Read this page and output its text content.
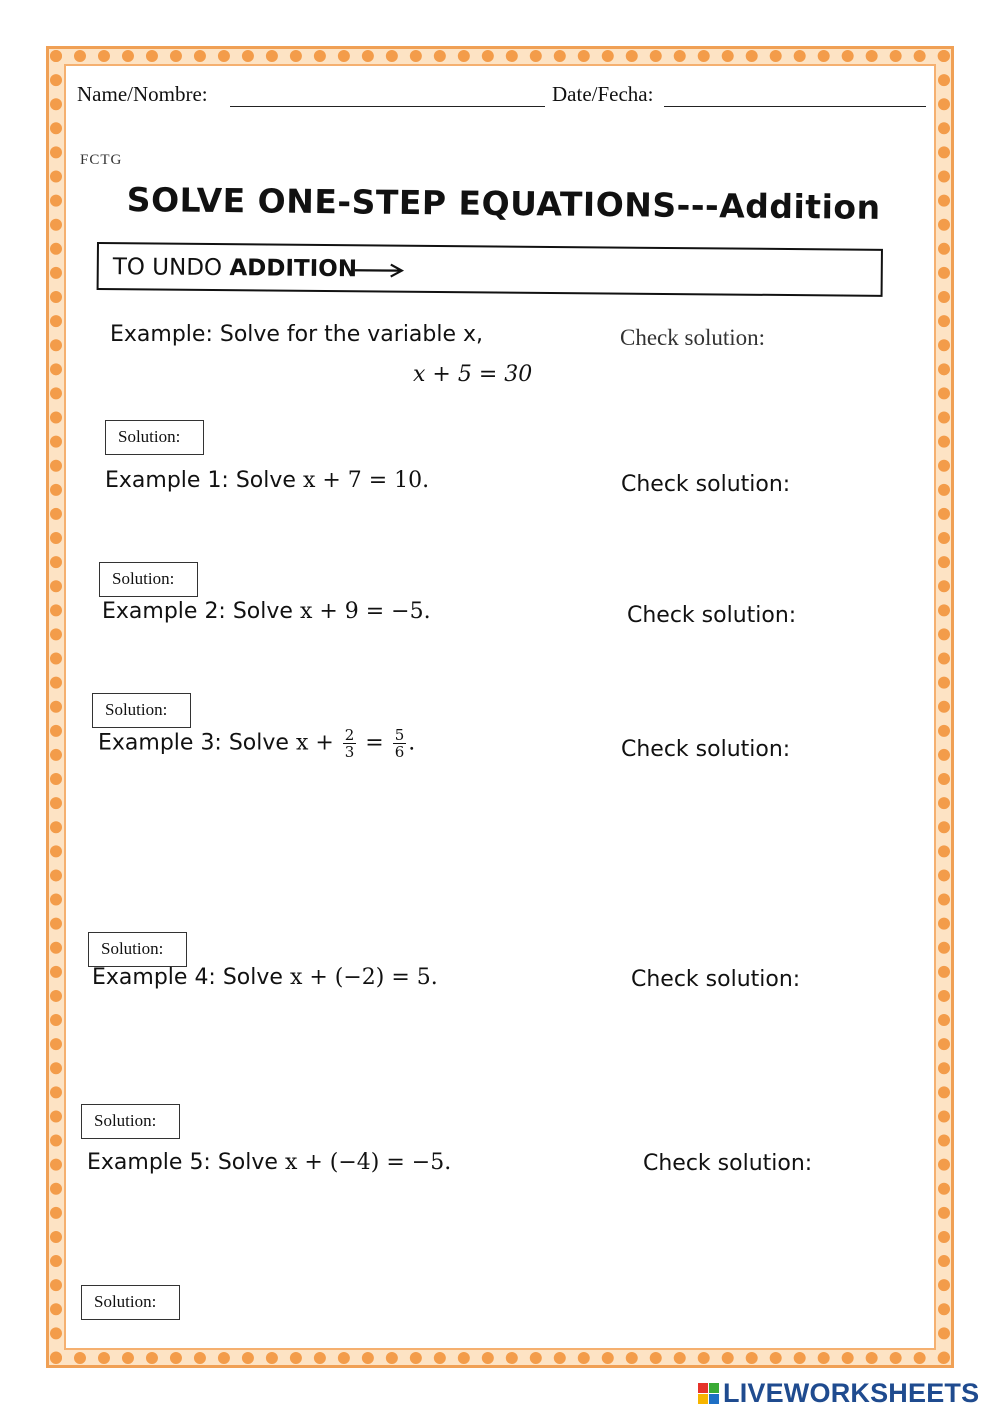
Name/Nombre:	Date/Fecha:
FCTG
SOLVE ONE-STEP EQUATIONS---Addition
TO UNDO ADDITION
Example: Solve for the variable x,
x + 5 = 30
Check solution:
Solution:
Example 1: Solve x + 7 = 10.	Check solution:
Solution:
Example 2: Solve x + 9 = −5.	Check solution:
Solution:
Example 3: Solve $x + \frac{2}{3} = \frac{5}{6}$ .	Check solution:
Solution:
Example 4: Solve x + (−2) = 5.	Check solution:
Solution:
Example 5: Solve x + (−4) = −5.	Check solution:
Solution:
LIVEWORKSHEETS
